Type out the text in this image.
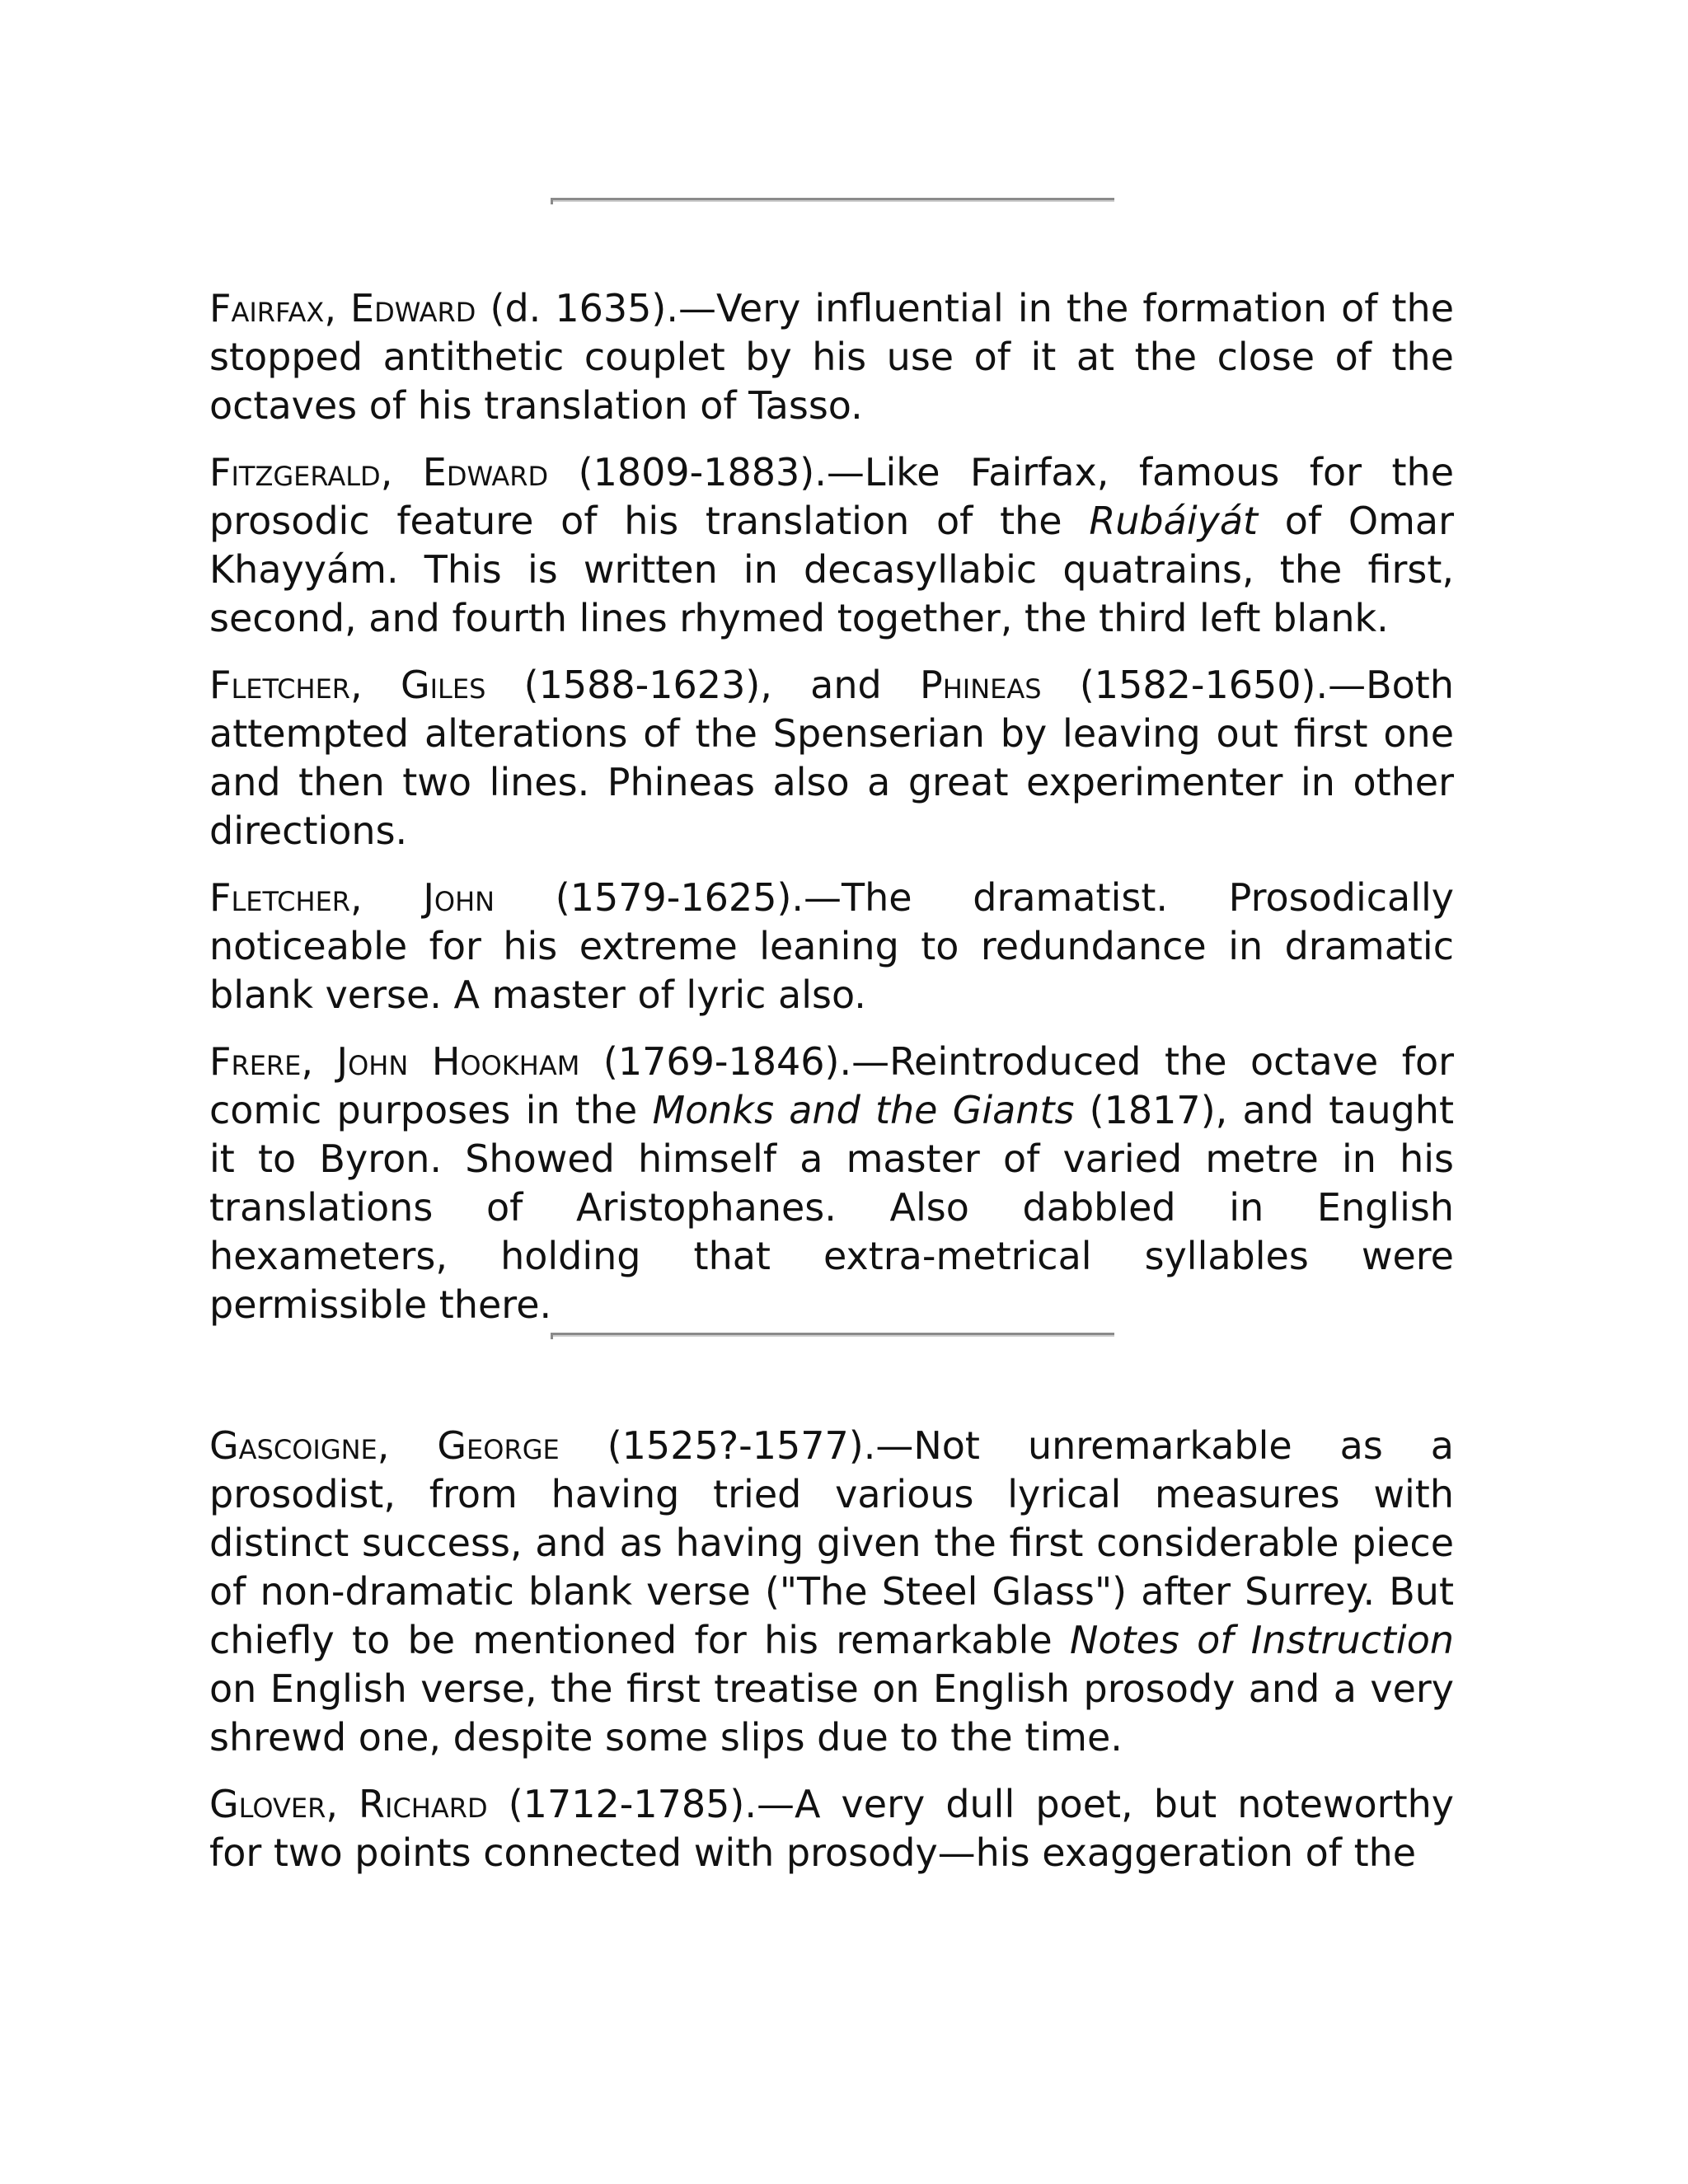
Fairfax, Edward (d. 1635).—Very influential in the formation of the stopped antithetic couplet by his use of it at the close of the octaves of his translation of Tasso.

Fitzgerald, Edward (1809-1883).—Like Fairfax, famous for the prosodic feature of his translation of the Rubáiyát of Omar Khayyám. This is written in decasyllabic quatrains, the first, second, and fourth lines rhymed together, the third left blank.

Fletcher, Giles (1588-1623), and Phineas (1582-1650).—Both attempted alterations of the Spenserian by leaving out first one and then two lines. Phineas also a great experimenter in other directions.

Fletcher, John (1579-1625).—The dramatist. Prosodically noticeable for his extreme leaning to redundance in dramatic blank verse. A master of lyric also.

Frere, John Hookham (1769-1846).—Reintroduced the octave for comic purposes in the Monks and the Giants (1817), and taught it to Byron. Showed himself a master of varied metre in his translations of Aristophanes. Also dabbled in English hexameters, holding that extra-metrical syllables were permissible there.

Gascoigne, George (1525?-1577).—Not unremarkable as a prosodist, from having tried various lyrical measures with distinct success, and as having given the first considerable piece of non-dramatic blank verse ("The Steel Glass") after Surrey. But chiefly to be mentioned for his remarkable Notes of Instruction on English verse, the first treatise on English prosody and a very shrewd one, despite some slips due to the time.

Glover, Richard (1712-1785).—A very dull poet, but noteworthy for two points connected with prosody—his exaggeration of the
